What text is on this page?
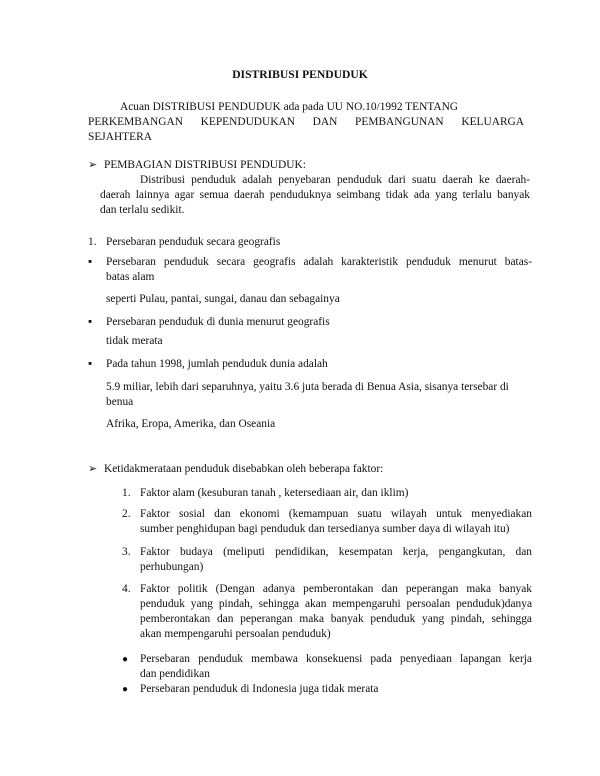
DISTRIBUSI PENDUDUK
Acuan DISTRIBUSI PENDUDUK ada pada UU NO.10/1992 TENTANG
PERKEMBANGAN KEPENDUDUKAN DAN PEMBANGUNAN KELUARGA
SEJAHTERA
➢ PEMBAGIAN DISTRIBUSI PENDUDUK:
Distribusi penduduk adalah penyebaran penduduk dari suatu daerah ke daerah-
daerah lainnya agar semua daerah penduduknya seimbang tidak ada yang terlalu banyak
dan terlalu sedikit.
1. Persebaran penduduk secara geografis
▪	Persebaran penduduk secara geografis adalah karakteristik penduduk menurut batas-
batas alam
seperti Pulau, pantai, sungai, danau dan sebagainya
▪	Persebaran penduduk di dunia menurut geografis
tidak merata
▪	Pada tahun 1998, jumlah penduduk dunia adalah
5.9 miliar, lebih dari separuhnya, yaitu 3.6 juta berada di Benua Asia, sisanya tersebar di
benua
Afrika, Eropa, Amerika, dan Oseania
➢ Ketidakmerataan penduduk disebabkan oleh beberapa faktor:
1. Faktor alam (kesuburan tanah , ketersediaan air, dan iklim)
2. Faktor sosial dan ekonomi (kemampuan suatu wilayah untuk menyediakan
sumber penghidupan bagi penduduk dan tersedianya sumber daya di wilayah itu)
3. Faktor budaya (meliputi pendidikan, kesempatan kerja, pengangkutan, dan
perhubungan)
4. Faktor politik (Dengan adanya pemberontakan dan peperangan maka banyak
penduduk yang pindah, sehingga akan mempengaruhi persoalan penduduk)danya
pemberontakan dan peperangan maka banyak penduduk yang pindah, sehingga
akan mempengaruhi persoalan penduduk)
● Persebaran penduduk membawa konsekuensi pada penyediaan lapangan kerja
dan pendidikan
● Persebaran penduduk di Indonesia juga tidak merata
